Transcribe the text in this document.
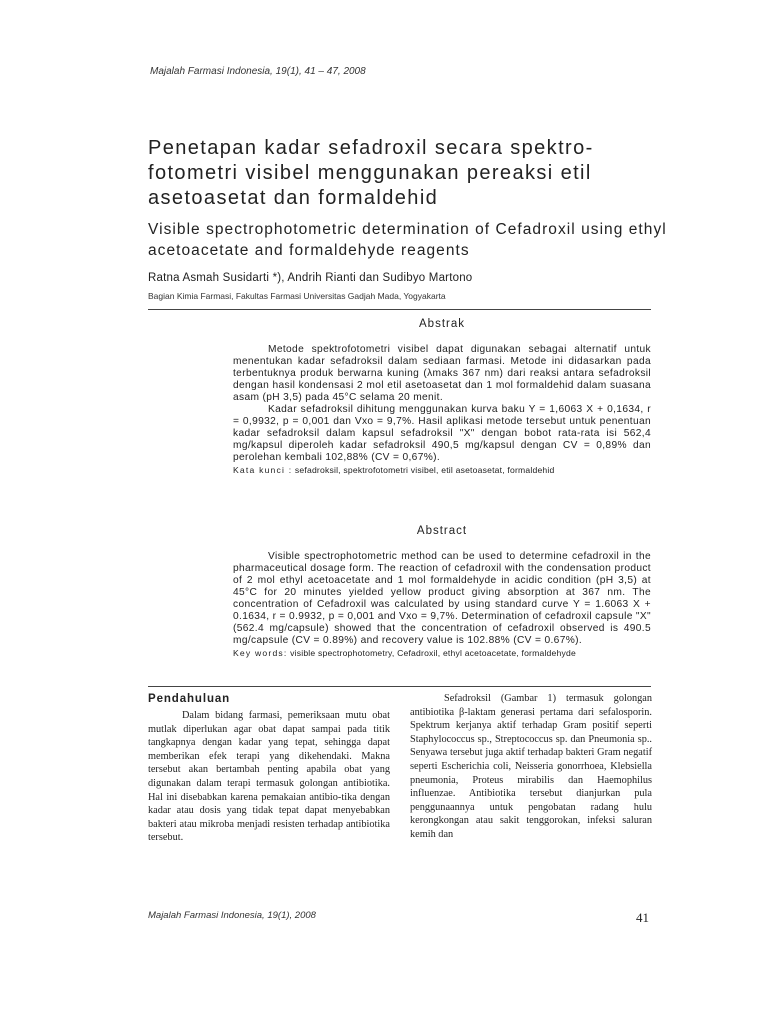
Majalah Farmasi Indonesia, 19(1), 41 – 47, 2008
Penetapan kadar sefadroxil secara spektro-fotometri visibel menggunakan pereaksi etil asetoasetat dan formaldehid
Visible spectrophotometric determination of Cefadroxil using ethyl acetoacetate and formaldehyde reagents
Ratna Asmah Susidarti *), Andrih Rianti dan Sudibyo Martono
Bagian Kimia Farmasi, Fakultas Farmasi Universitas Gadjah Mada, Yogyakarta
Abstrak

Metode spektrofotometri visibel dapat digunakan sebagai alternatif untuk menentukan kadar sefadroksil dalam sediaan farmasi. Metode ini didasarkan pada terbentuknya produk berwarna kuning (λmaks 367 nm) dari reaksi antara sefadroksil dengan hasil kondensasi 2 mol etil asetoasetat dan 1 mol formaldehid dalam suasana asam (pH 3,5) pada 45°C selama 20 menit.

Kadar sefadroksil dihitung menggunakan kurva baku Y = 1,6063 X + 0,1634, r = 0,9932, p = 0,001 dan Vxo = 9,7%. Hasil aplikasi metode tersebut untuk penentuan kadar sefadroksil dalam kapsul sefadroksil "X" dengan bobot rata-rata isi 562,4 mg/kapsul diperoleh kadar sefadroksil 490,5 mg/kapsul dengan CV = 0,89% dan perolehan kembali 102,88% (CV = 0,67%).

Kata kunci : sefadroksil, spektrofotometri visibel, etil asetoasetat, formaldehid

Abstract

Visible spectrophotometric method can be used to determine cefadroxil in the pharmaceutical dosage form. The reaction of cefadroxil with the condensation product of 2 mol ethyl acetoacetate and 1 mol formaldehyde in acidic condition (pH 3,5) at 45°C for 20 minutes yielded yellow product giving absorption at 367 nm. The concentration of Cefadroxil was calculated by using standard curve Y = 1.6063 X + 0.1634, r = 0.9932, p = 0,001 and Vxo = 9,7%. Determination of cefadroxil capsule "X" (562.4 mg/capsule) showed that the concentration of cefadroxil observed is 490.5 mg/capsule (CV = 0.89%) and recovery value is 102.88% (CV = 0.67%).

Key words: visible spectrophotometry, Cefadroxil, ethyl acetoacetate, formaldehyde

Pendahuluan

Dalam bidang farmasi, pemeriksaan mutu obat mutlak diperlukan agar obat dapat sampai pada titik tangkapnya dengan kadar yang tepat, sehingga dapat memberikan efek terapi yang dikehendaki. Makna tersebut akan bertambah penting apabila obat yang digunakan dalam terapi termasuk golongan antibiotika. Hal ini disebabkan karena pemakaian antibio-tika dengan kadar atau dosis yang tidak tepat dapat menyebabkan bakteri atau mikroba menjadi resisten terhadap antibiotika tersebut.

Sefadroksil (Gambar 1) termasuk golongan antibiotika β-laktam generasi pertama dari sefalosporin. Spektrum kerjanya aktif terhadap Gram positif seperti Staphylococcus sp., Streptococcus sp. dan Pneumonia sp.. Senyawa tersebut juga aktif terhadap bakteri Gram negatif seperti Escherichia coli, Neisseria gonorrhoea, Klebsiella pneumonia, Proteus mirabilis dan Haemophilus influenzae. Antibiotika tersebut dianjurkan pula penggunaannya untuk pengobatan radang hulu kerongkongan atau sakit tenggorokan, infeksi saluran kemih dan

Majalah Farmasi Indonesia, 19(1), 2008	41
